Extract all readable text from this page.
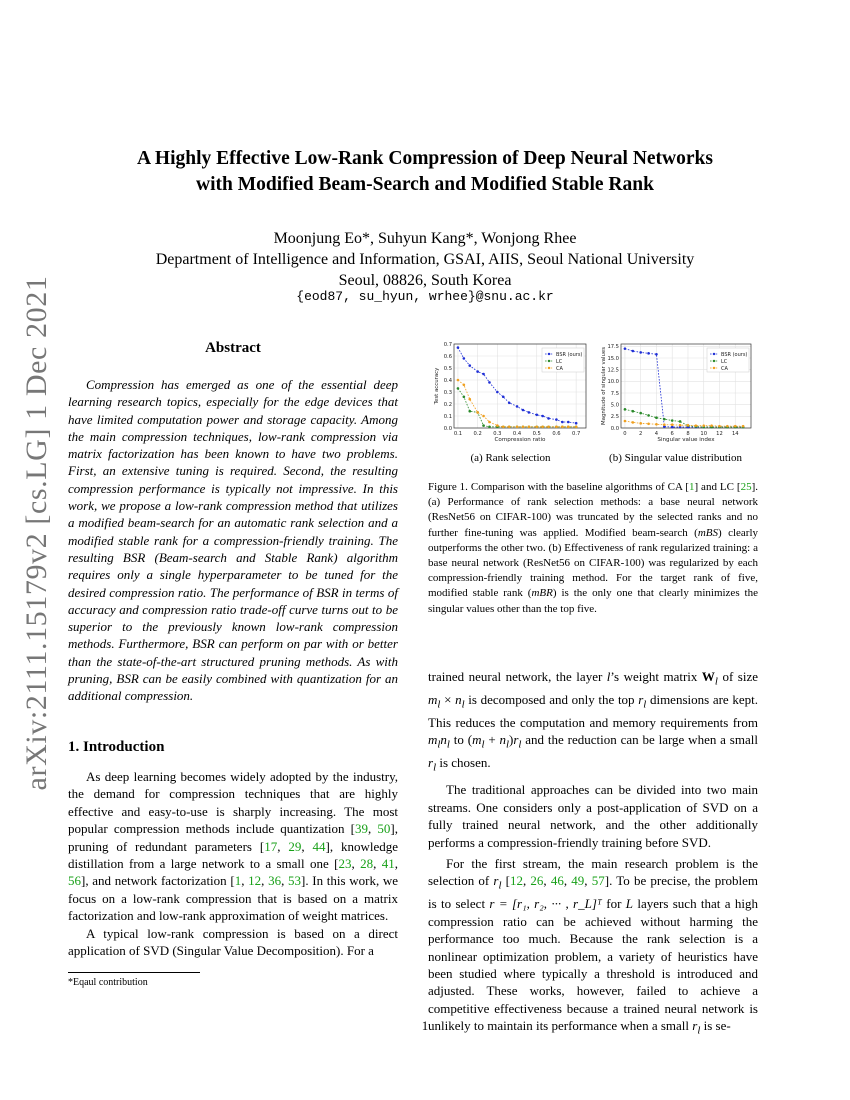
arXiv:2111.15179v2 [cs.LG] 1 Dec 2021
A Highly Effective Low-Rank Compression of Deep Neural Networks
with Modified Beam-Search and Modified Stable Rank
Moonjung Eo*, Suhyun Kang*, Wonjong Rhee
Department of Intelligence and Information, GSAI, AIIS, Seoul National University
Seoul, 08826, South Korea
{eod87, su_hyun, wrhee}@snu.ac.kr
Abstract

Compression has emerged as one of the essential deep learning research topics, especially for the edge devices that have limited computation power and storage capacity. Among the main compression techniques, low-rank compression via matrix factorization has been known to have two problems. First, an extensive tuning is required. Second, the resulting compression performance is typically not impressive. In this work, we propose a low-rank compression method that utilizes a modified beam-search for an automatic rank selection and a modified stable rank for a compression-friendly training. The resulting BSR (Beam-search and Stable Rank) algorithm requires only a single hyperparameter to be tuned for the desired compression ratio. The performance of BSR in terms of accuracy and compression ratio trade-off curve turns out to be superior to the previously known low-rank compression methods. Furthermore, BSR can perform on par with or better than the state-of-the-art structured pruning methods. As with pruning, BSR can be easily combined with quantization for an additional compression.

1. Introduction

As deep learning becomes widely adopted by the industry, the demand for compression techniques that are highly effective and easy-to-use is sharply increasing. The most popular compression methods include quantization [39, 50], pruning of redundant parameters [17, 29, 44], knowledge distillation from a large network to a small one [23, 28, 41, 56], and network factorization [1, 12, 36, 53]. In this work, we focus on a low-rank compression that is based on a matrix factorization and low-rank approximation of weight matrices.

A typical low-rank compression is based on a direct application of SVD (Singular Value Decomposition). For a

*Eqaul contribution
1
0.1 0.2 0.3 0.4 0.5 0.6 0.7
0.0
0.1
0.2
0.3
0.4
0.5
0.6
0.7
Compression ratio
Test accuracy
BSR (ours)
LC
CA
0 2 4 6 8 10 12 14
0.0
2.5
5.0
7.5
10.0
12.5
15.0
17.5
Singular value index
Magnitude of singular values	BSR (ours)
LC
CA
(a) Rank selection	(b) Singular value distribution

Figure 1. Comparison with the baseline algorithms of CA [1] and LC [25]. (a) Performance of rank selection methods: a base neural network (ResNet56 on CIFAR-100) was truncated by the selected ranks and no further fine-tuning was applied. Modified beam-search (mBS) clearly outperforms the other two. (b) Effectiveness of rank regularized training: a base neural network (ResNet56 on CIFAR-100) was regularized by each compression-friendly training method. For the target rank of five, modified stable rank (mBR) is the only one that clearly minimizes the singular values other than the top five.

trained neural network, the layer l’s weight matrix $W_l$ of size $m_l \times n_l$ is decomposed and only the top $r_l$ dimensions are kept. This reduces the computation and memory requirements from $m_ln_l$ to $(m_l + n_l)r_l$ and the reduction can be large when a small $r_l$ is chosen.

The traditional approaches can be divided into two main streams. One considers only a post-application of SVD on a fully trained neural network, and the other additionally performs a compression-friendly training before SVD.

For the first stream, the main research problem is the selection of $r_l$ [12, 26, 46, 49, 57]. To be precise, the problem is to select r = [r₁, r₂, ··· , r_L]ᵀ for L layers such that a high compression ratio can be achieved without harming the performance too much. Because the rank selection is a nonlinear optimization problem, a variety of heuristics have been studied where typically a threshold is introduced and adjusted. These works, however, failed to achieve a competitive effectiveness because a trained neural network is unlikely to maintain its performance when a small $r_l$ is se-
